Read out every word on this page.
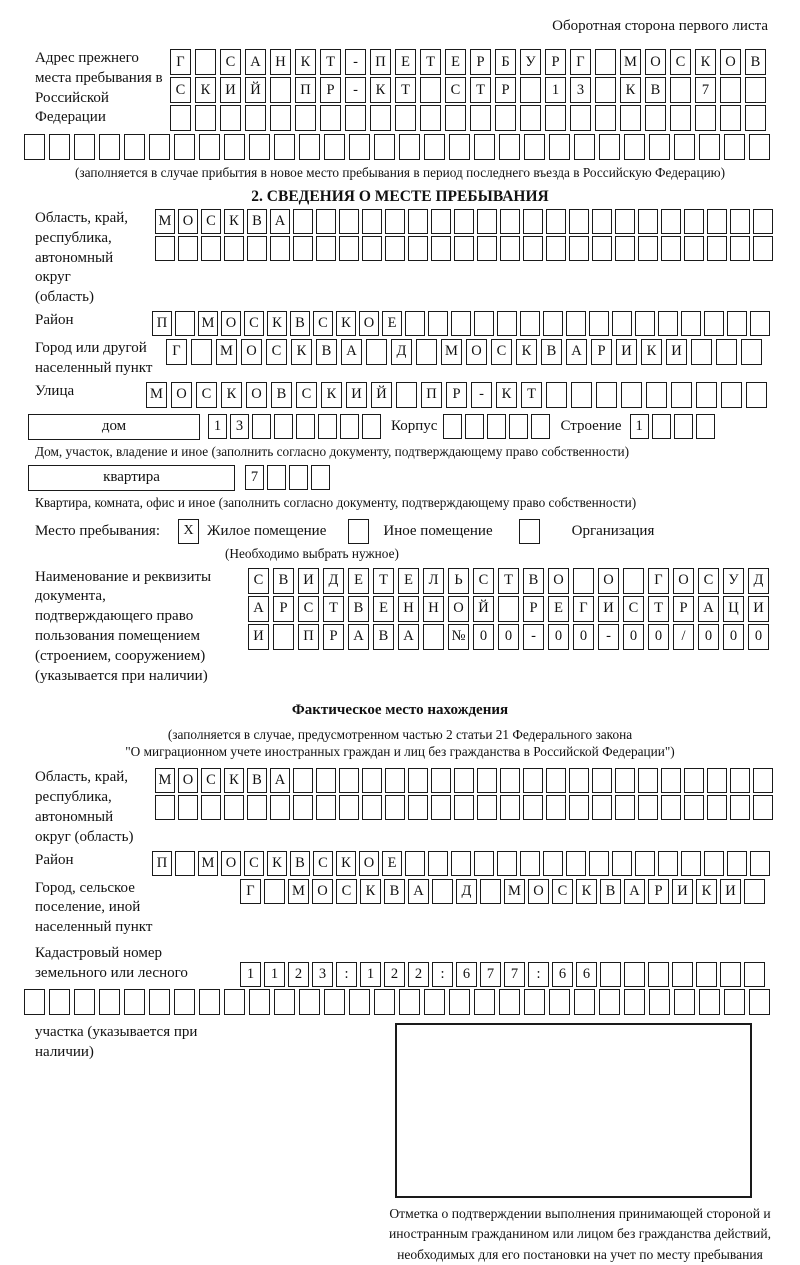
Оборотная сторона первого листа
Адрес прежнего места пребывания в Российской Федерации
Г	С	А	Н	К	Т	-	П	Е	Т	Е	Р	Б	У	Р	Г	М О	С	К	О	В
С	К	И	Й	П	Р	-	К	Т	С	Т	Р	1	3	К	В	7
(заполняется в случае прибытия в новое место пребывания в период последнего въезда в Российскую Федерацию)
2. СВЕДЕНИЯ О МЕСТЕ ПРЕБЫВАНИЯ
Область, край, республика, автономный округ (область)
М О С К В А
Район	П	М О С К В С К О Е
Город или другой населенный пункт
Г	М О	С	К	В	А	Д	М О	С	К	В	А	Р	И	К	И
Улица	М О	С	К	О	В	С	К	И	Й	П	Р	-	К	Т
дом	1	3	Корпус	Строение 1
Дом, участок, владение и иное (заполнить согласно документу, подтверждающему право собственности)
квартира	7
Квартира, комната, офис и иное (заполнить согласно документу, подтверждающему право собственности)
Место пребывания:	X Жилое помещение	Иное помещение	Организация
(Необходимо выбрать нужное)
Наименование и реквизиты документа, подтверждающего право пользования помещением (строением, сооружением) (указывается при наличии)
С	В	И	Д	Е	Т	Е	Л	Ь	С	Т	В	О	О	Г	О	С	У	Д
А	Р	С	Т	В	Е	Н	Н	О	Й	Р	Е	Г	И	С	Т	Р	А	Ц	И
И	П	Р	А	В	А	№ 0	0	-	0	0	-	0	0	/	0	0	0
Фактическое место нахождения
(заполняется в случае, предусмотренном частью 2 статьи 21 Федерального закона
"О миграционном учете иностранных граждан и лиц без гражданства в Российской Федерации")
Область, край, республика, автономный округ (область)
М О С К В А
Район	П	М О С К В С К О Е
Город, сельское поселение, иной населенный пункт
Г	М О С К В А	Д	М О С К В А	Р	И К И
Кадастровый номер земельного или лесного	1	1	2	3	:	1	2	2	:	6	7	7	:	6	6
участка (указывается при наличии)
Отметка о подтверждении выполнения принимающей стороной и иностранным гражданином или лицом без гражданства действий, необходимых для его постановки на учет по месту пребывания
